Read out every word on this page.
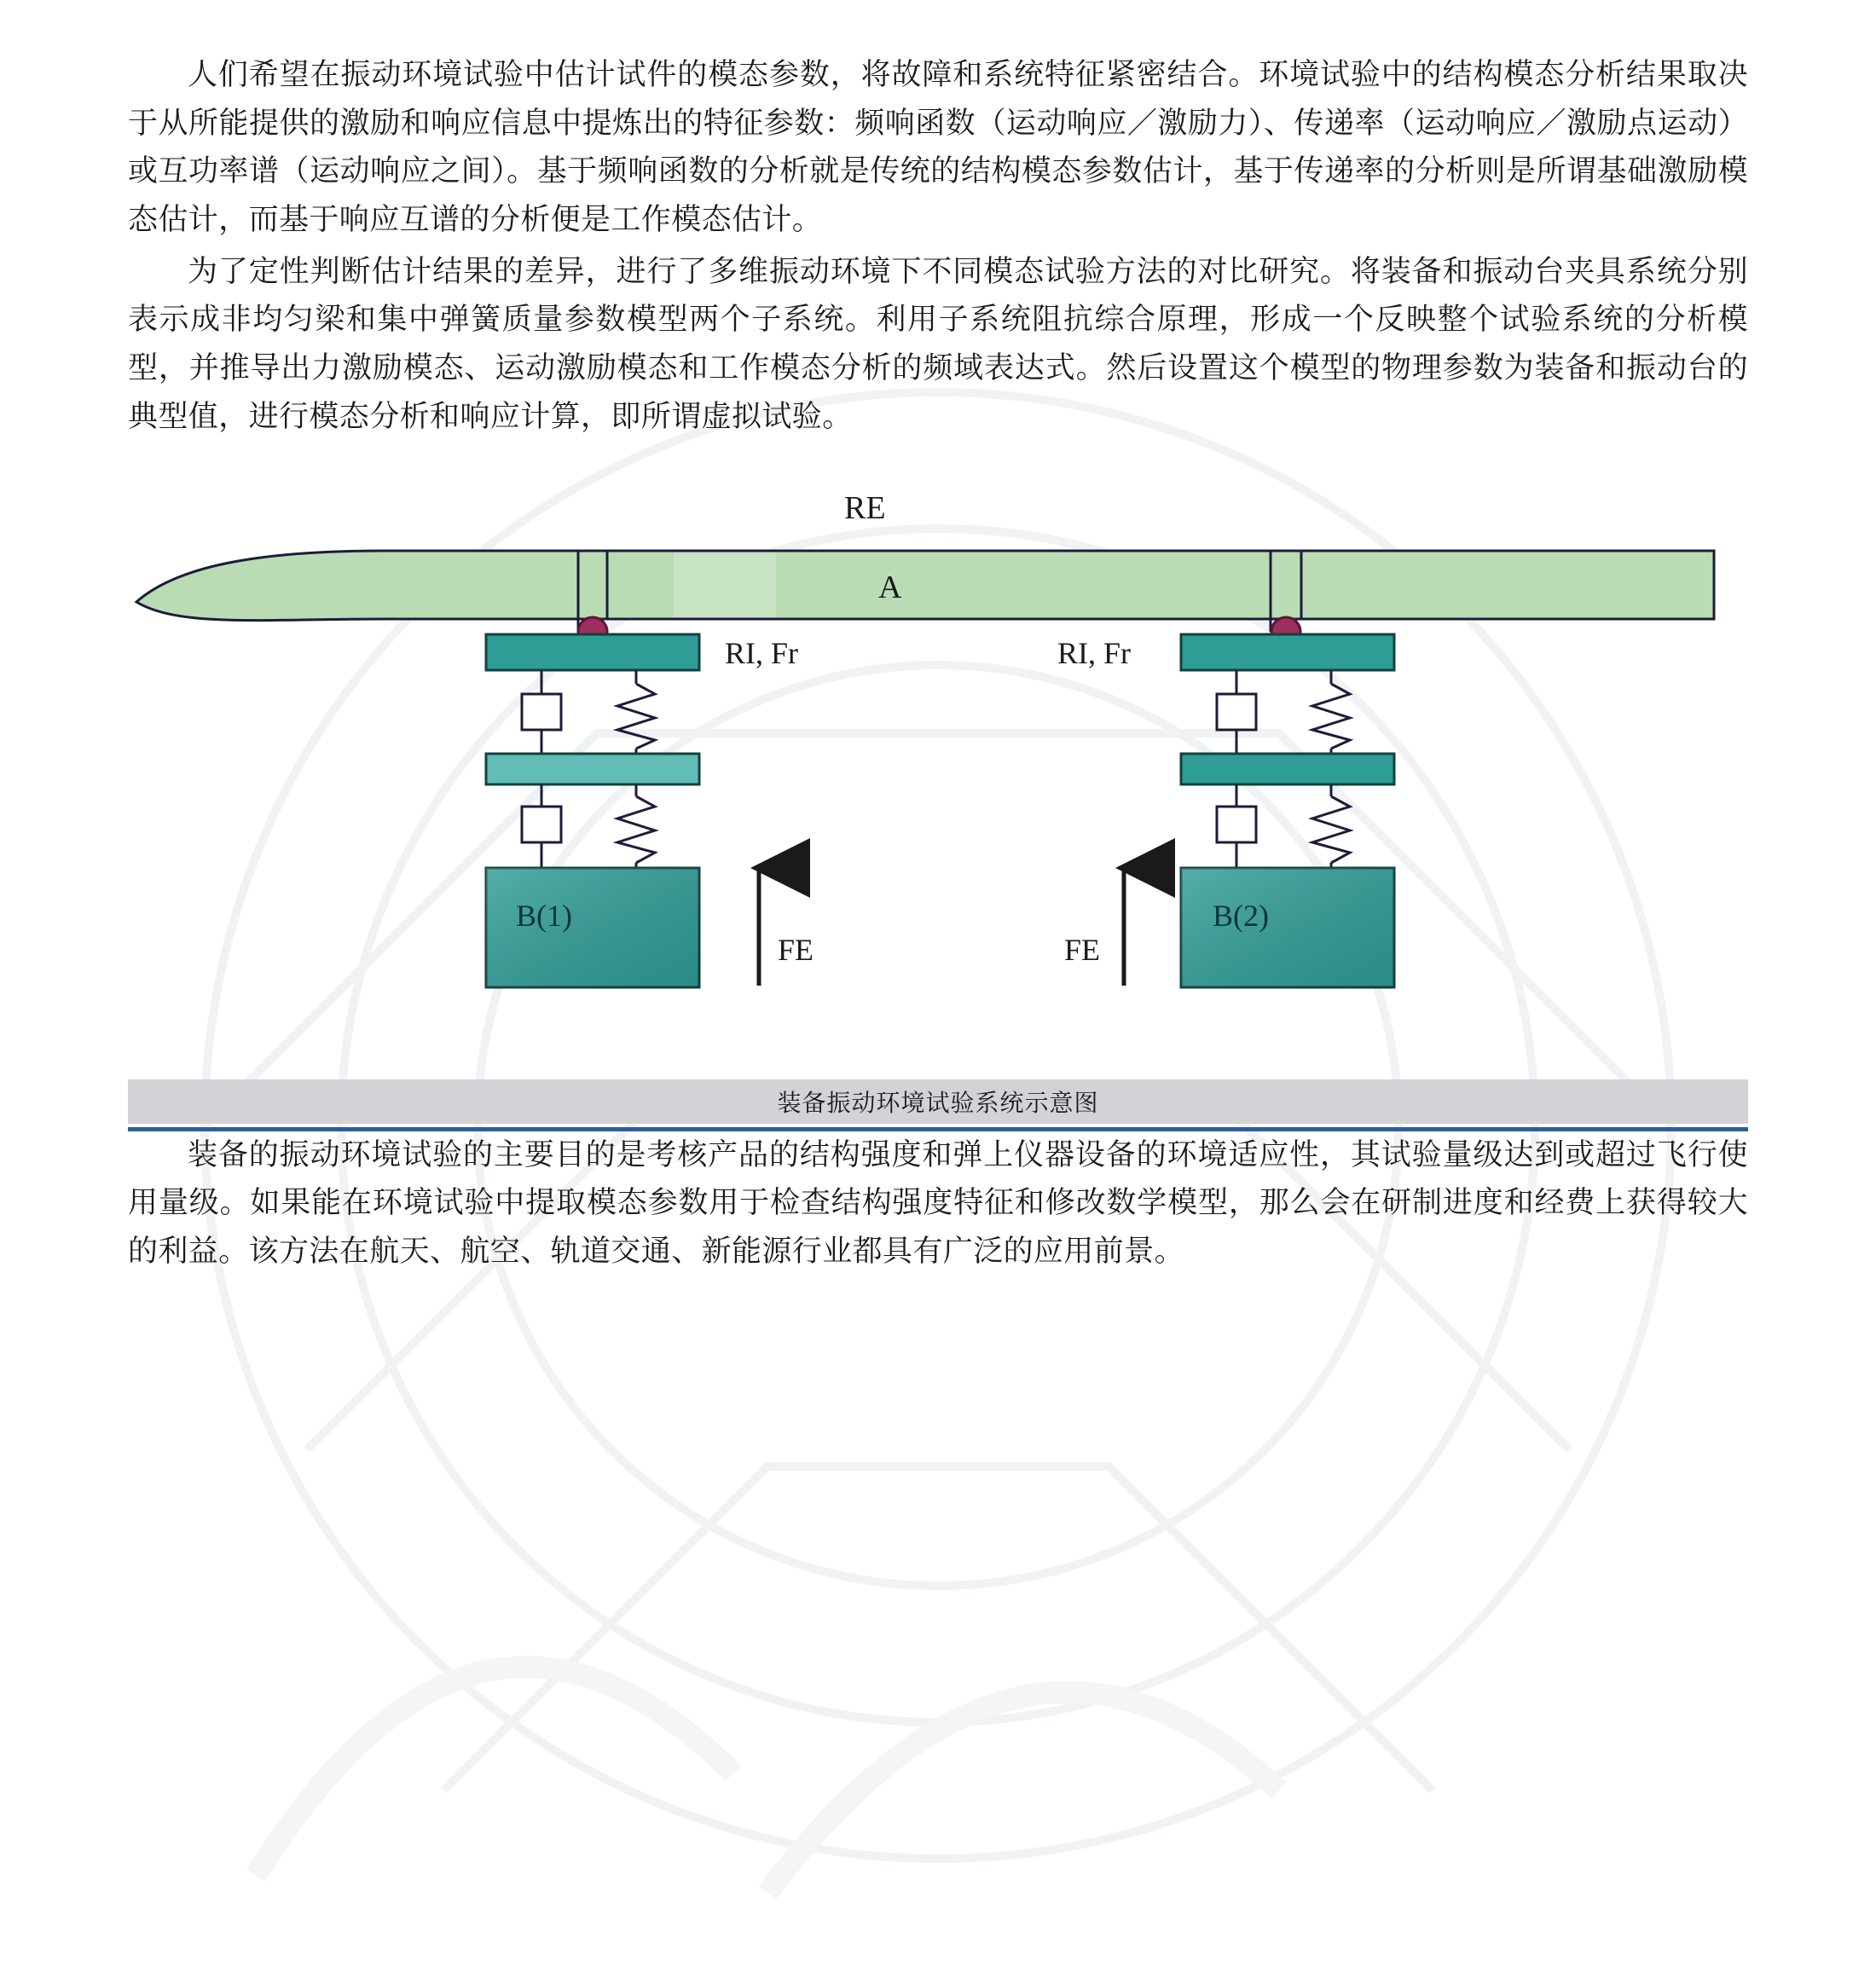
人们希望在振动环境试验中估计试件的模态参数，将故障和系统特征紧密结合。环境试验中的结构模态分析结果取决于从所能提供的激励和响应信息中提炼出的特征参数：频响函数（运动响应／激励力）、传递率（运动响应／激励点运动）或互功率谱（运动响应之间）。基于频响函数的分析就是传统的结构模态参数估计，基于传递率的分析则是所谓基础激励模态估计，而基于响应互谱的分析便是工作模态估计。

为了定性判断估计结果的差异，进行了多维振动环境下不同模态试验方法的对比研究。将装备和振动台夹具系统分别表示成非均匀梁和集中弹簧质量参数模型两个子系统。利用子系统阻抗综合原理，形成一个反映整个试验系统的分析模型，并推导出力激励模态、运动激励模态和工作模态分析的频域表达式。然后设置这个模型的物理参数为装备和振动台的典型值，进行模态分析和响应计算，即所谓虚拟试验。

RE
A
B(1)
RI, Fr
FE
B(2)
RI, Fr
FE
装备振动环境试验系统示意图

装备的振动环境试验的主要目的是考核产品的结构强度和弹上仪器设备的环境适应性，其试验量级达到或超过飞行使用量级。如果能在环境试验中提取模态参数用于检查结构强度特征和修改数学模型，那么会在研制进度和经费上获得较大的利益。该方法在航天、航空、轨道交通、新能源行业都具有广泛的应用前景。
